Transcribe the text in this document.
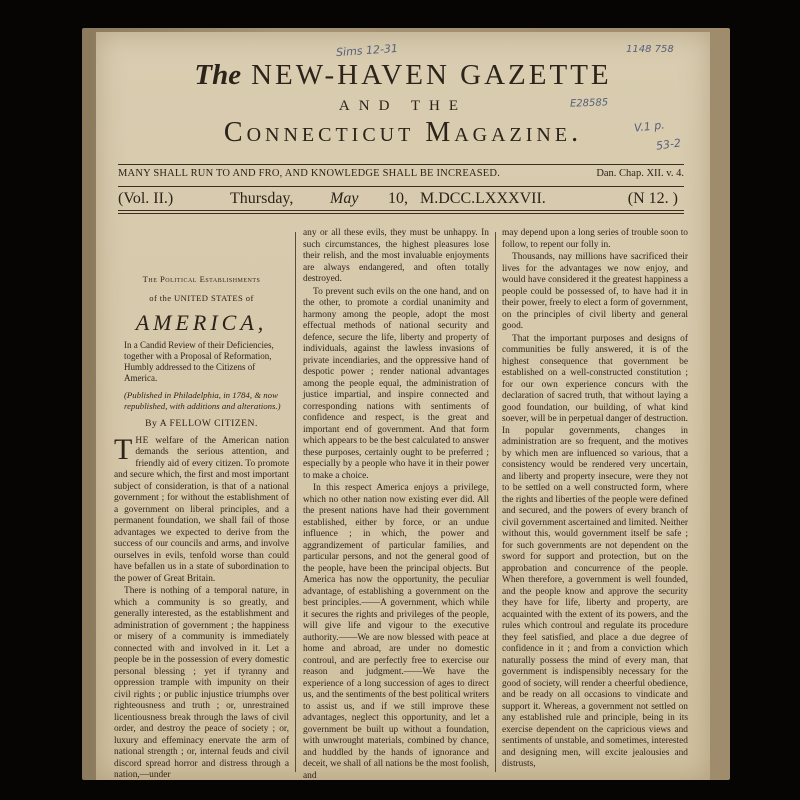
Sims 12-31	1148 758
E28585
V.1 p.
53-2
The NEW-HAVEN GAZETTE
AND THE
Connecticut Magazine.
MANY SHALL RUN TO AND FRO, AND KNOWLEDGE SHALL BE INCREASED.	Dan. Chap. XII. v. 4.
(Vol. II.)	Thursday, May 10, M.DCC.LXXXVII.	(N 12. )
The Political Establishments
of the UNITED STATES of
AMERICA,
In a Candid Review of their Deficiencies, together with a Proposal of Reformation, Humbly addressed to the Citizens of America.
(Published in Philadelphia, in 1784, & now republished, with additions and alterations.)
By A FELLOW CITIZEN.

THE welfare of the American nation demands the serious attention, and friendly aid of every citizen. To promote and secure which, the first and most important subject of consideration, is that of a national government ; for without the establishment of a government on liberal principles, and a permanent foundation, we shall fail of those advantages we expected to derive from the success of our councils and arms, and involve ourselves in evils, tenfold worse than could have befallen us in a state of subordination to the power of Great Britain.

There is nothing of a temporal nature, in which a community is so greatly, and generally interested, as the establishment and administration of government ; the happiness or misery of a community is immediately connected with and involved in it. Let a people be in the possession of every domestic personal blessing ; yet if tyranny and oppression trample with impunity on their civil rights ; or public injustice triumphs over righteousness and truth ; or, unrestrained licentiousness break through the laws of civil order, and destroy the peace of society ; or, luxury and effeminacy enervate the arm of national strength ; or, internal feuds and civil discord spread horror and distress through a nation,—under

any or all these evils, they must be unhappy. In such circumstances, the highest pleasures lose their relish, and the most invaluable enjoyments are always endangered, and often totally destroyed.

To prevent such evils on the one hand, and on the other, to promote a cordial unanimity and harmony among the people, adopt the most effectual methods of national security and defence, secure the life, liberty and property of individuals, against the lawless invasions of private incendiaries, and the oppressive hand of despotic power ; render national advantages among the people equal, the administration of justice impartial, and inspire connected and corresponding nations with sentiments of confidence and respect, is the great and important end of government. And that form which appears to be the best calculated to answer these purposes, certainly ought to be preferred ; especially by a people who have it in their power to make a choice.

In this respect America enjoys a privilege, which no other nation now existing ever did. All the present nations have had their government established, either by force, or an undue influence ; in which, the power and aggrandizement of particular families, and particular persons, and not the general good of the people, have been the principal objects. But America has now the opportunity, the peculiar advantage, of establishing a government on the best principles.——A government, which while it secures the rights and privileges of the people, will give life and vigour to the executive authority.——We are now blessed with peace at home and abroad, are under no domestic controul, and are perfectly free to exercise our reason and judgment.——We have the experience of a long succession of ages to direct us, and the sentiments of the best political writers to assist us, and if we still improve these advantages, neglect this opportunity, and let a government be built up without a foundation, with unwrought materials, combined by chance, and huddled by the hands of ignorance and deceit, we shall of all nations be the most foolish, and

may depend upon a long series of trouble soon to follow, to repent our folly in.

Thousands, nay millions have sacrificed their lives for the advantages we now enjoy, and would have considered it the greatest happiness a people could be possessed of, to have had it in their power, freely to elect a form of government, on the principles of civil liberty and general good.

That the important purposes and designs of communities be fully answered, it is of the highest consequence that government be established on a well-constructed constitution ; for our own experience concurs with the declaration of sacred truth, that without laying a good foundation, our building, of what kind soever, will be in perpetual danger of destruction. In popular governments, changes in administration are so frequent, and the motives by which men are influenced so various, that a consistency would be rendered very uncertain, and liberty and property insecure, were they not to be settled on a well constructed form, where the rights and liberties of the people were defined and secured, and the powers of every branch of civil government ascertained and limited. Neither without this, would government itself be safe ; for such governments are not dependent on the sword for support and protection, but on the approbation and concurrence of the people. When therefore, a government is well founded, and the people know and approve the security they have for life, liberty and property, are acquainted with the extent of its powers, and the rules which controul and regulate its procedure they feel satisfied, and place a due degree of confidence in it ; and from a conviction which naturally possess the mind of every man, that government is indispensibly necessary for the good of society, will render a cheerful obedience, and be ready on all occasions to vindicate and support it. Whereas, a government not settled on any established rule and principle, being in its exercise dependent on the capricious views and sentiments of unstable, and sometimes, interested and designing men, will excite jealousies and distrusts,
